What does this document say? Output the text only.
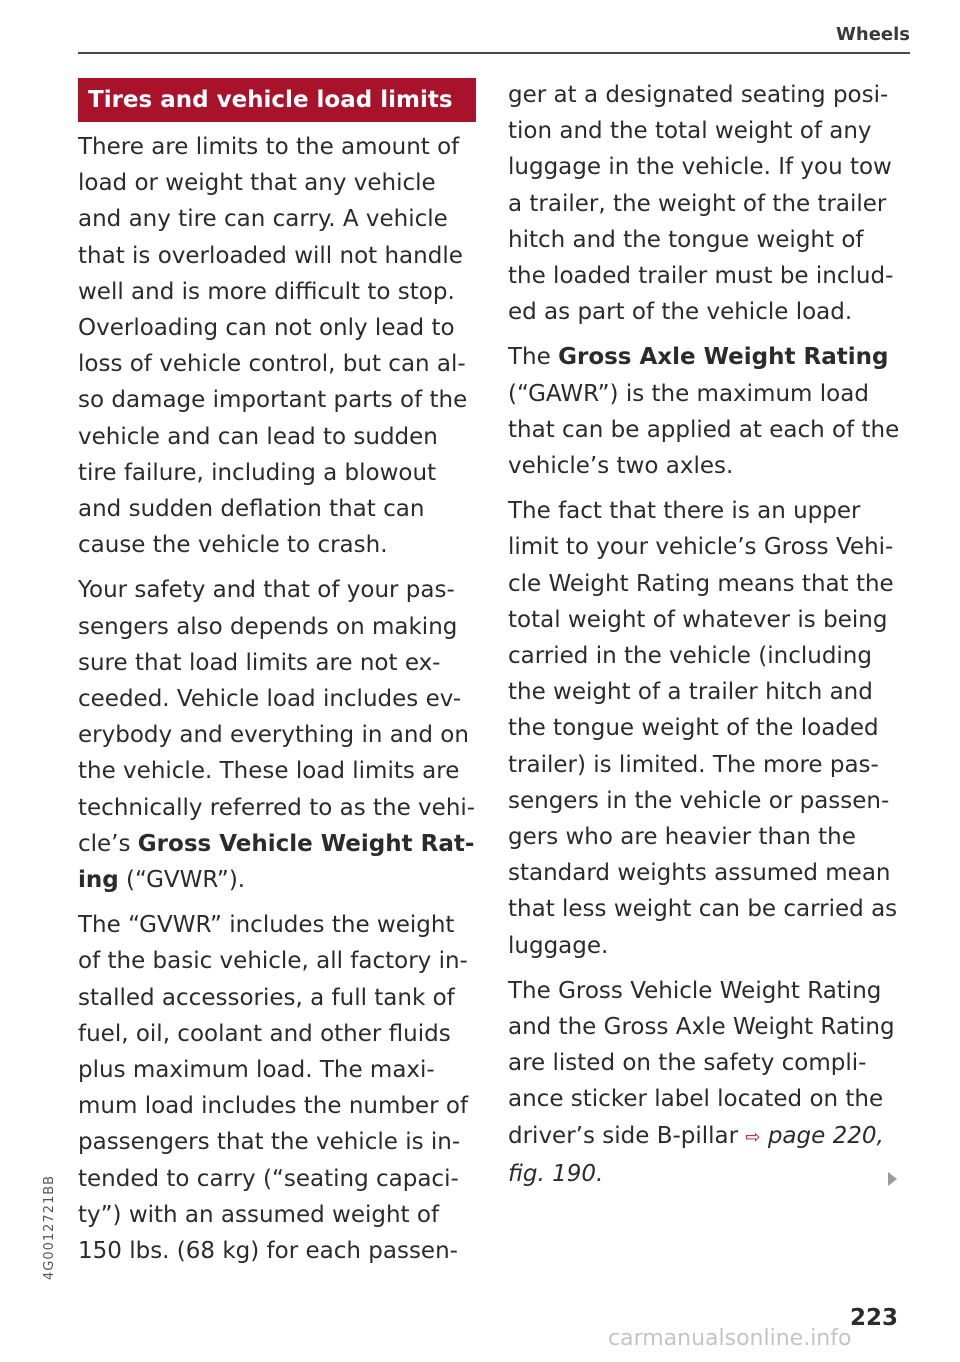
Wheels
Tires and vehicle load limits

There are limits to the amount of
load or weight that any vehicle
and any tire can carry. A vehicle
that is overloaded will not handle
well and is more difficult to stop.
Overloading can not only lead to
loss of vehicle control, but can al-
so damage important parts of the
vehicle and can lead to sudden
tire failure, including a blowout
and sudden deflation that can
cause the vehicle to crash.

Your safety and that of your pas-
sengers also depends on making
sure that load limits are not ex-
ceeded. Vehicle load includes ev-
erybody and everything in and on
the vehicle. These load limits are
technically referred to as the vehi-
cle’s Gross Vehicle Weight Rat-
ing (“GVWR”).

The “GVWR” includes the weight
of the basic vehicle, all factory in-
stalled accessories, a full tank of
fuel, oil, coolant and other fluids
plus maximum load. The maxi-
mum load includes the number of
passengers that the vehicle is in-
tended to carry (“seating capaci-
ty”) with an assumed weight of
150 lbs. (68 kg) for each passen-

ger at a designated seating posi-
tion and the total weight of any
luggage in the vehicle. If you tow
a trailer, the weight of the trailer
hitch and the tongue weight of
the loaded trailer must be includ-
ed as part of the vehicle load.

The Gross Axle Weight Rating
(“GAWR”) is the maximum load
that can be applied at each of the
vehicle’s two axles.

The fact that there is an upper
limit to your vehicle’s Gross Vehi-
cle Weight Rating means that the
total weight of whatever is being
carried in the vehicle (including
the weight of a trailer hitch and
the tongue weight of the loaded
trailer) is limited. The more pas-
sengers in the vehicle or passen-
gers who are heavier than the
standard weights assumed mean
that less weight can be carried as
luggage.

The Gross Vehicle Weight Rating
and the Gross Axle Weight Rating
are listed on the safety compli-
ance sticker label located on the
driver’s side B-pillar ⇨ page 220,
fig. 190.

223
4G0012721BB
carmanualsonline.info
